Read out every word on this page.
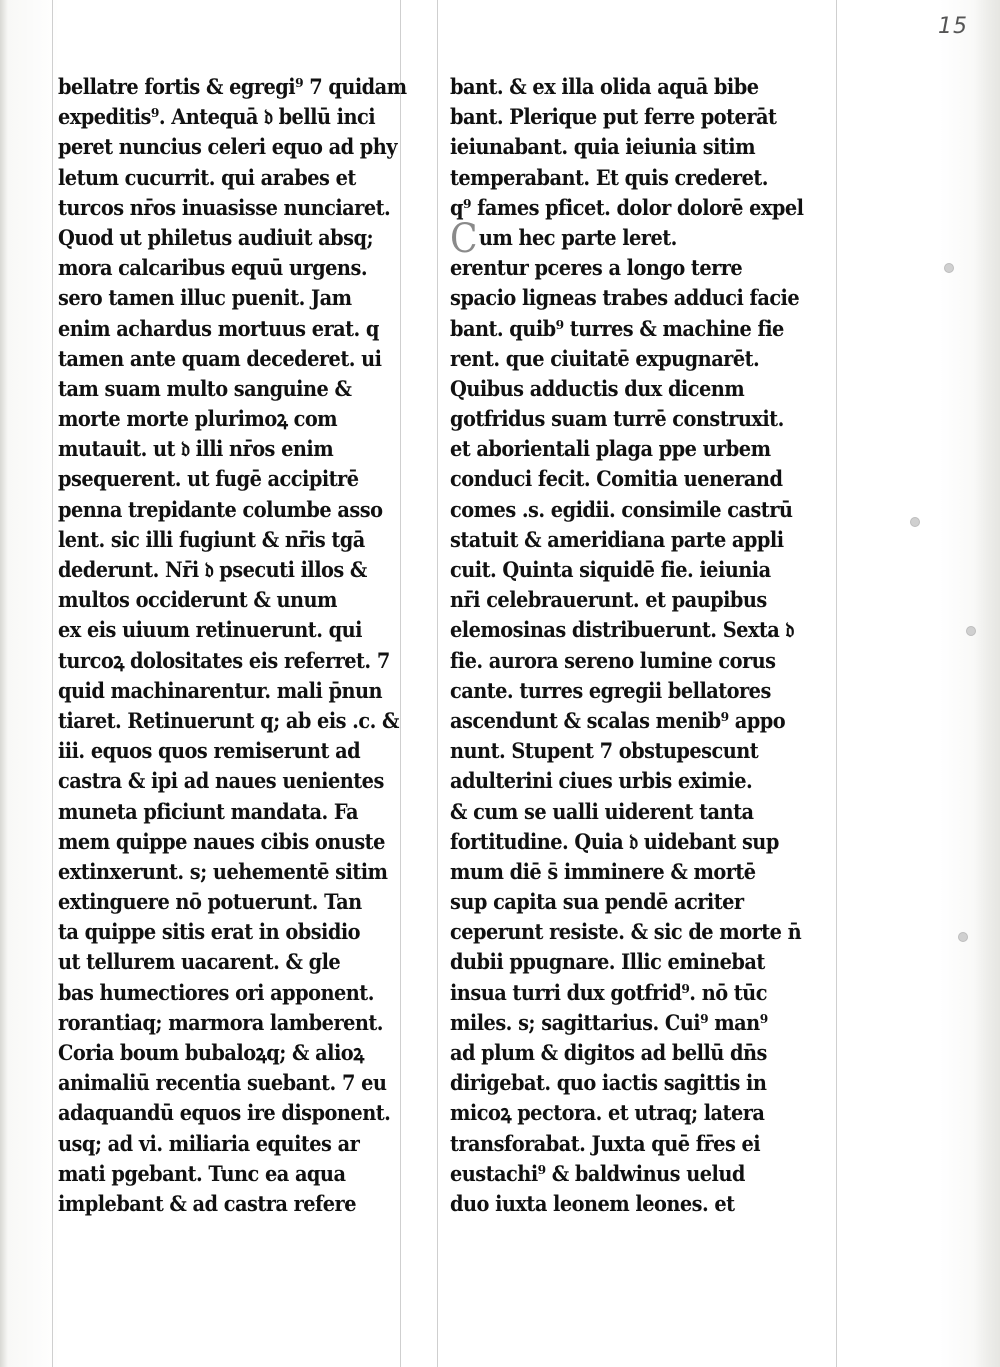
15
bellatre fortis & egregi⁹ 7 quidam
expeditis⁹. Antequā 𝔡 bellū inci
peret nuncius celeri equo ad phy
letum cucurrit. qui arabes et
turcos nr̄os inuasisse nunciaret.
Quod ut philetus audiuit absq;
mora calcaribus equū urgens.
sero tamen illuc puenit. Jam
enim achardus mortuus erat. q
tamen ante quam decederet. ui
tam suam multo sanguine &
morte morte plurimoꝝ com
mutauit. ut 𝔡 illi nr̄os enim
psequerent. ut fugē accipitrē
penna trepidante columbe asso
lent. sic illi fugiunt & nr̄is tgā
dederunt. Nr̄i 𝔡 psecuti illos &
multos occiderunt & unum
ex eis uiuum retinuerunt. qui
turcoꝝ dolositates eis referret. 7
quid machinarentur. mali p̄nun
tiaret. Retinuerunt q; ab eis .c. &
iii. equos quos remiserunt ad
castra & ipi ad naues uenientes
muneta pficiunt mandata. Fa
mem quippe naues cibis onuste
extinxerunt. s; uehementē sitim
extinguere nō potuerunt. Tan
ta quippe sitis erat in obsidio
ut tellurem uacarent. & gle
bas humectiores ori apponent.
rorantiaq; marmora lamberent.
Coria boum bubaloꝝq; & alioꝝ
animaliū recentia suebant. 7 eu
adaquandū equos ire disponent.
usq; ad vi. miliaria equites ar
mati pgebant. Tunc ea aqua
implebant & ad castra refere
bant. & ex illa olida aquā bibe
bant. Plerique put ferre poterāt
ieiunabant. quia ieiunia sitim
temperabant. Et quis crederet.
q⁹ fames pficet. dolor dolorē expel
Cum hec parte leret.
erentur pceres a longo terre
spacio ligneas trabes adduci facie
bant. quib⁹ turres & machine fie
rent. que ciuitatē expugnarēt.
Quibus adductis dux dicenm
gotfridus suam turrē construxit.
et aborientali plaga ppe urbem
conduci fecit. Comitia uenerand
comes .s. egidii. consimile castrū
statuit & ameridiana parte appli
cuit. Quinta siquidē fie. ieiunia
nr̄i celebrauerunt. et paupibus
elemosinas distribuerunt. Sexta 𝔡
fie. aurora sereno lumine corus
cante. turres egregii bellatores
ascendunt & scalas menib⁹ appo
nunt. Stupent 7 obstupescunt
adulterini ciues urbis eximie.
& cum se ualli uiderent tanta
fortitudine. Quia 𝔡 uidebant sup
mum diē s̄ imminere & mortē
sup capita sua pendē acriter
ceperunt resiste. & sic de morte n̄
dubii ppugnare. Illic eminebat
insua turri dux gotfrid⁹. nō tūc
miles. s; sagittarius. Cui⁹ man⁹
ad plum & digitos ad bellū dn̄s
dirigebat. quo iactis sagittis in
micoꝝ pectora. et utraq; latera
transforabat. Juxta quē fr̄es ei
eustachi⁹ & baldwinus uelud
duo iuxta leonem leones. et
